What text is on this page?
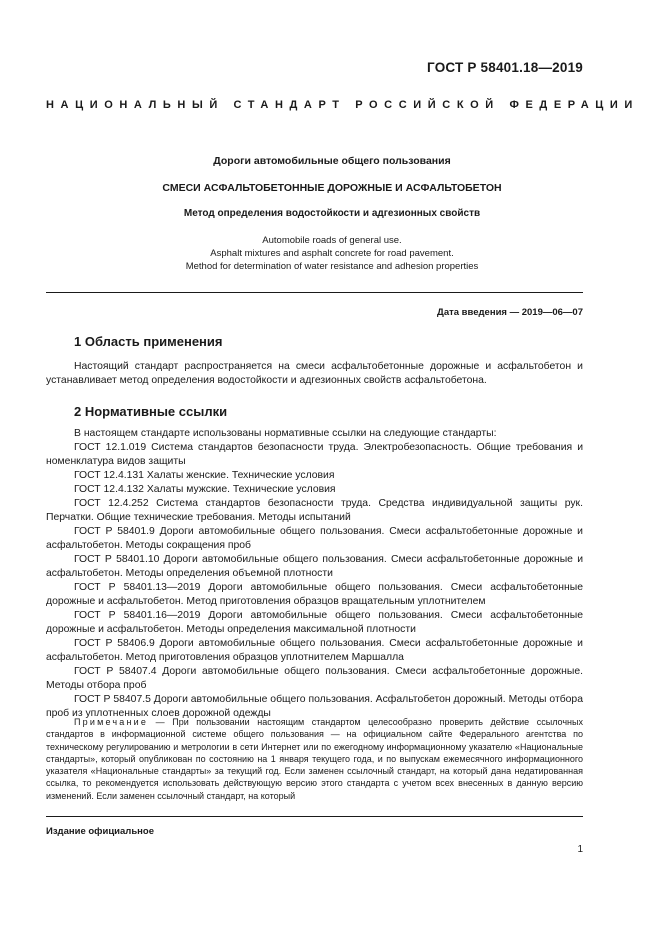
ГОСТ Р 58401.18—2019
НАЦИОНАЛЬНЫЙ СТАНДАРТ РОССИЙСКОЙ ФЕДЕРАЦИИ
Дороги автомобильные общего пользования
СМЕСИ АСФАЛЬТОБЕТОННЫЕ ДОРОЖНЫЕ И АСФАЛЬТОБЕТОН
Метод определения водостойкости и адгезионных свойств
Automobile roads of general use.
Asphalt mixtures and asphalt concrete for road pavement.
Method for determination of water resistance and adhesion properties
Дата введения — 2019—06—07
1 Область применения

Настоящий стандарт распространяется на смеси асфальтобетонные дорожные и асфальтобетон и устанавливает метод определения водостойкости и адгезионных свойств асфальтобетона.

2 Нормативные ссылки

В настоящем стандарте использованы нормативные ссылки на следующие стандарты:

ГОСТ 12.1.019 Система стандартов безопасности труда. Электробезопасность. Общие требования и номенклатура видов защиты

ГОСТ 12.4.131 Халаты женские. Технические условия

ГОСТ 12.4.132 Халаты мужские. Технические условия

ГОСТ 12.4.252 Система стандартов безопасности труда. Средства индивидуальной защиты рук. Перчатки. Общие технические требования. Методы испытаний

ГОСТ Р 58401.9 Дороги автомобильные общего пользования. Смеси асфальтобетонные дорожные и асфальтобетон. Методы сокращения проб

ГОСТ Р 58401.10 Дороги автомобильные общего пользования. Смеси асфальтобетонные дорожные и асфальтобетон. Методы определения объемной плотности

ГОСТ Р 58401.13—2019 Дороги автомобильные общего пользования. Смеси асфальтобетонные дорожные и асфальтобетон. Метод приготовления образцов вращательным уплотнителем

ГОСТ Р 58401.16—2019 Дороги автомобильные общего пользования. Смеси асфальтобетонные дорожные и асфальтобетон. Методы определения максимальной плотности

ГОСТ Р 58406.9 Дороги автомобильные общего пользования. Смеси асфальтобетонные дорожные и асфальтобетон. Метод приготовления образцов уплотнителем Маршалла

ГОСТ Р 58407.4 Дороги автомобильные общего пользования. Смеси асфальтобетонные дорожные. Методы отбора проб

ГОСТ Р 58407.5 Дороги автомобильные общего пользования. Асфальтобетон дорожный. Методы отбора проб из уплотненных слоев дорожной одежды

Примечание — При пользовании настоящим стандартом целесообразно проверить действие ссылочных стандартов в информационной системе общего пользования — на официальном сайте Федерального агентства по техническому регулированию и метрологии в сети Интернет или по ежегодному информационному указателю «Национальные стандарты», который опубликован по состоянию на 1 января текущего года, и по выпускам ежемесячного информационного указателя «Национальные стандарты» за текущий год. Если заменен ссылочный стандарт, на который дана недатированная ссылка, то рекомендуется использовать действующую версию этого стандарта с учетом всех внесенных в данную версию изменений. Если заменен ссылочный стандарт, на который

Издание официальное
1
